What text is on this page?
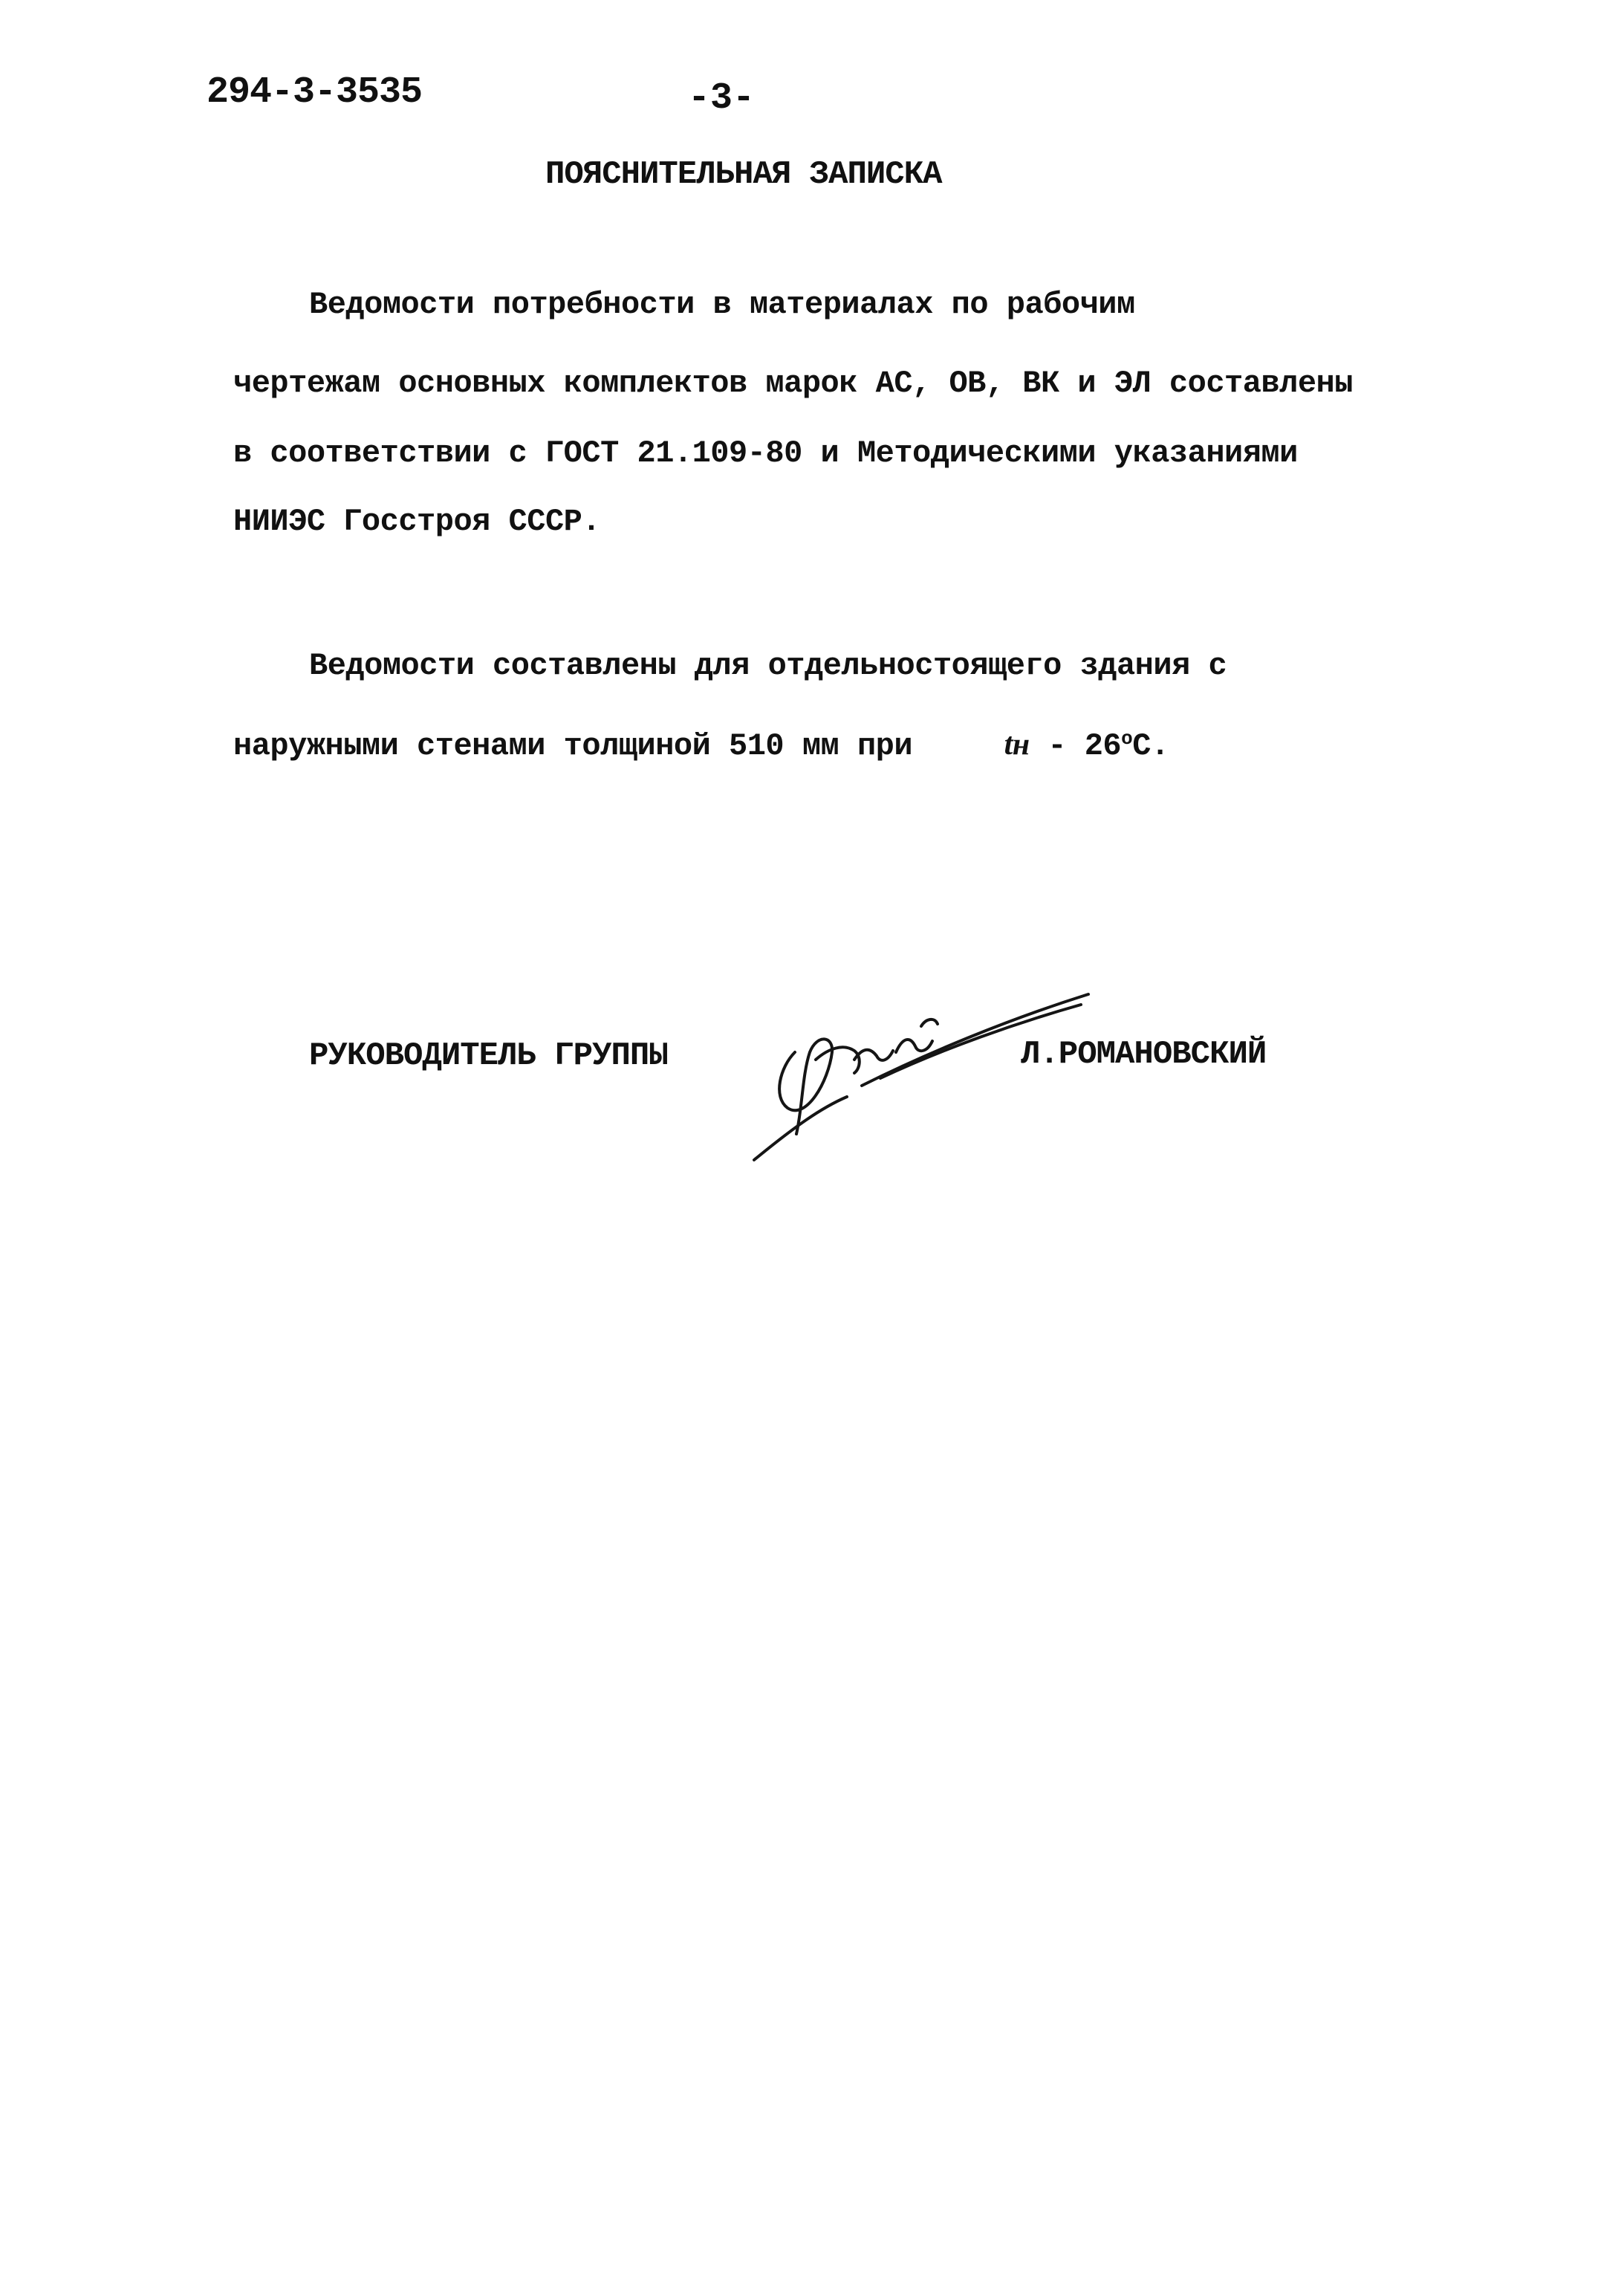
294-3-3535	-3-
ПОЯСНИТЕЛЬНАЯ ЗАПИСКА
Ведомости потребности в материалах по рабочим
чертежам основных комплектов марок АС, ОВ, ВК и ЭЛ составлены
в соответствии с ГОСТ 21.109-80 и Методическими указаниями
НИИЭС Госстроя СССР.
Ведомости составлены для отдельностоящего здания с
наружными стенами толщиной 510 мм при	tн - $26^оС$.
РУКОВОДИТЕЛЬ ГРУППЫ	Л.РОМАНОВСКИЙ
